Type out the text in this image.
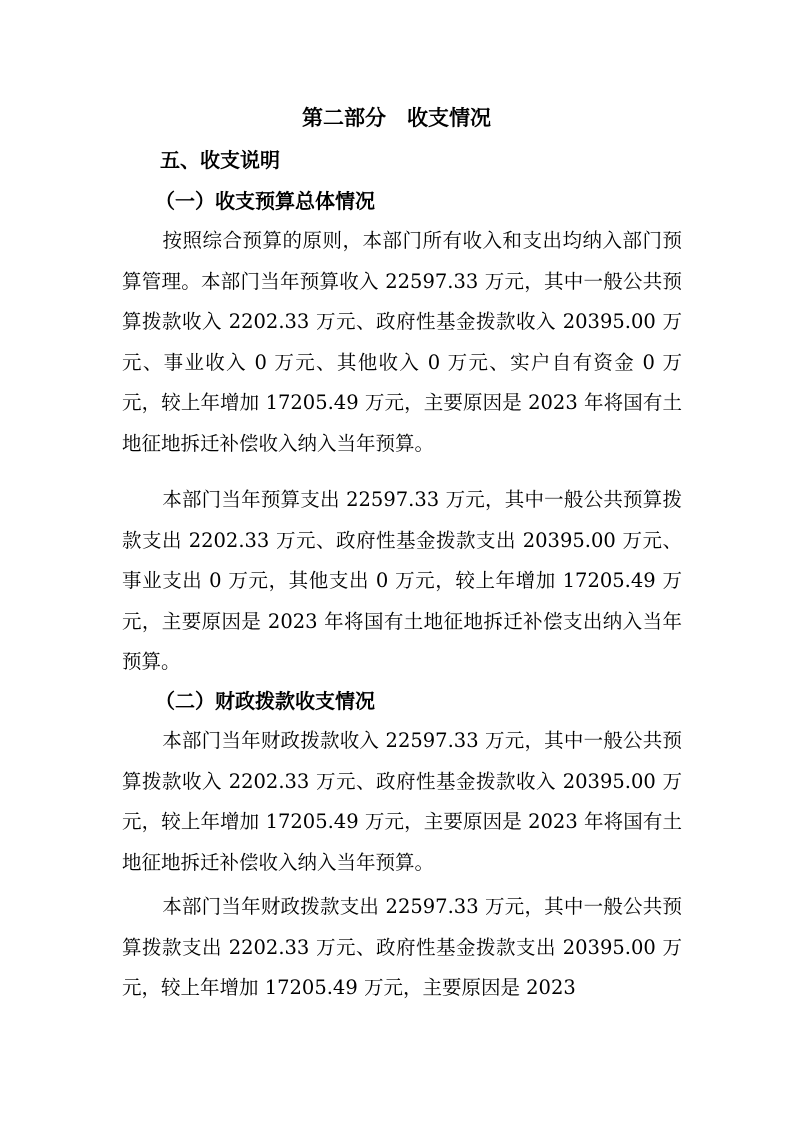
第二部分　收支情况
五、收支说明
（一）收支预算总体情况
按照综合预算的原则，本部门所有收入和支出均纳入部门预算管理。本部门当年预算收入 22597.33 万元，其中一般公共预算拨款收入 2202.33 万元、政府性基金拨款收入 20395.00 万元、事业收入 0 万元、其他收入 0 万元、实户自有资金 0 万元，较上年增加 17205.49 万元，主要原因是 2023 年将国有土地征地拆迁补偿收入纳入当年预算。
本部门当年预算支出 22597.33 万元，其中一般公共预算拨款支出 2202.33 万元、政府性基金拨款支出 20395.00 万元、事业支出 0 万元，其他支出 0 万元，较上年增加 17205.49 万元，主要原因是 2023 年将国有土地征地拆迁补偿支出纳入当年预算。
（二）财政拨款收支情况
本部门当年财政拨款收入 22597.33 万元，其中一般公共预算拨款收入 2202.33 万元、政府性基金拨款收入 20395.00 万元，较上年增加 17205.49 万元，主要原因是 2023 年将国有土地征地拆迁补偿收入纳入当年预算。
本部门当年财政拨款支出 22597.33 万元，其中一般公共预算拨款支出 2202.33 万元、政府性基金拨款支出 20395.00 万元，较上年增加 17205.49 万元，主要原因是 2023
